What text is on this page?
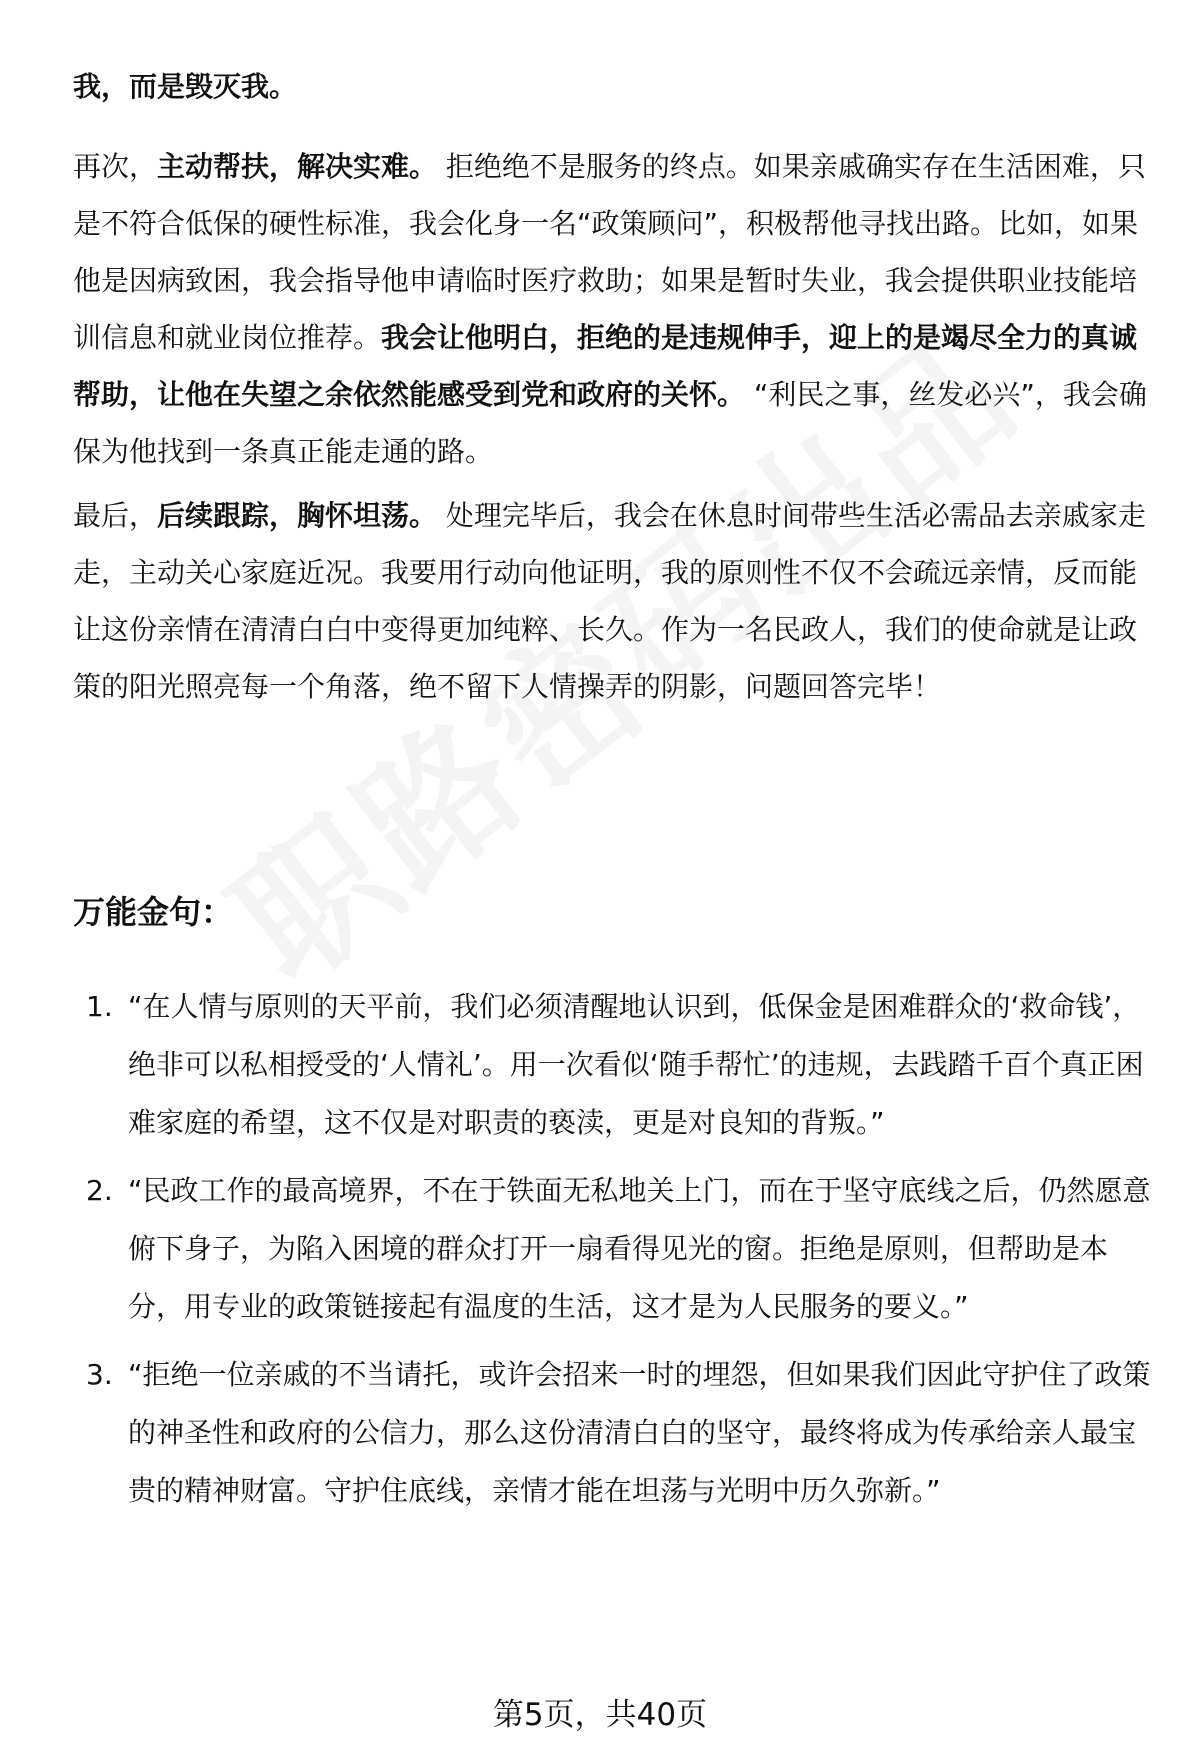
我，而是毁灭我。

再次，主动帮扶，解决实难。 拒绝绝不是服务的终点。如果亲戚确实存在生活困难，只是不符合低保的硬性标准，我会化身一名“政策顾问”，积极帮他寻找出路。比如，如果他是因病致困，我会指导他申请临时医疗救助；如果是暂时失业，我会提供职业技能培训信息和就业岗位推荐。我会让他明白，拒绝的是违规伸手，迎上的是竭尽全力的真诚帮助，让他在失望之余依然能感受到党和政府的关怀。 “利民之事，丝发必兴”，我会确保为他找到一条真正能走通的路。

最后，后续跟踪，胸怀坦荡。 处理完毕后，我会在休息时间带些生活必需品去亲戚家走走，主动关心家庭近况。我要用行动向他证明，我的原则性不仅不会疏远亲情，反而能让这份亲情在清清白白中变得更加纯粹、长久。作为一名民政人，我们的使命就是让政策的阳光照亮每一个角落，绝不留下人情操弄的阴影，问题回答完毕！

万能金句：
1. “在人情与原则的天平前，我们必须清醒地认识到，低保金是困难群众的‘救命钱’，绝非可以私相授受的‘人情礼’。用一次看似‘随手帮忙’的违规，去践踏千百个真正困难家庭的希望，这不仅是对职责的亵渎，更是对良知的背叛。”
2. “民政工作的最高境界，不在于铁面无私地关上门，而在于坚守底线之后，仍然愿意俯下身子，为陷入困境的群众打开一扇看得见光的窗。拒绝是原则，但帮助是本分，用专业的政策链接起有温度的生活，这才是为人民服务的要义。”
3. “拒绝一位亲戚的不当请托，或许会招来一时的埋怨，但如果我们因此守护住了政策的神圣性和政府的公信力，那么这份清清白白的坚守，最终将成为传承给亲人最宝贵的精神财富。守护住底线，亲情才能在坦荡与光明中历久弥新。”
第5页，共40页
